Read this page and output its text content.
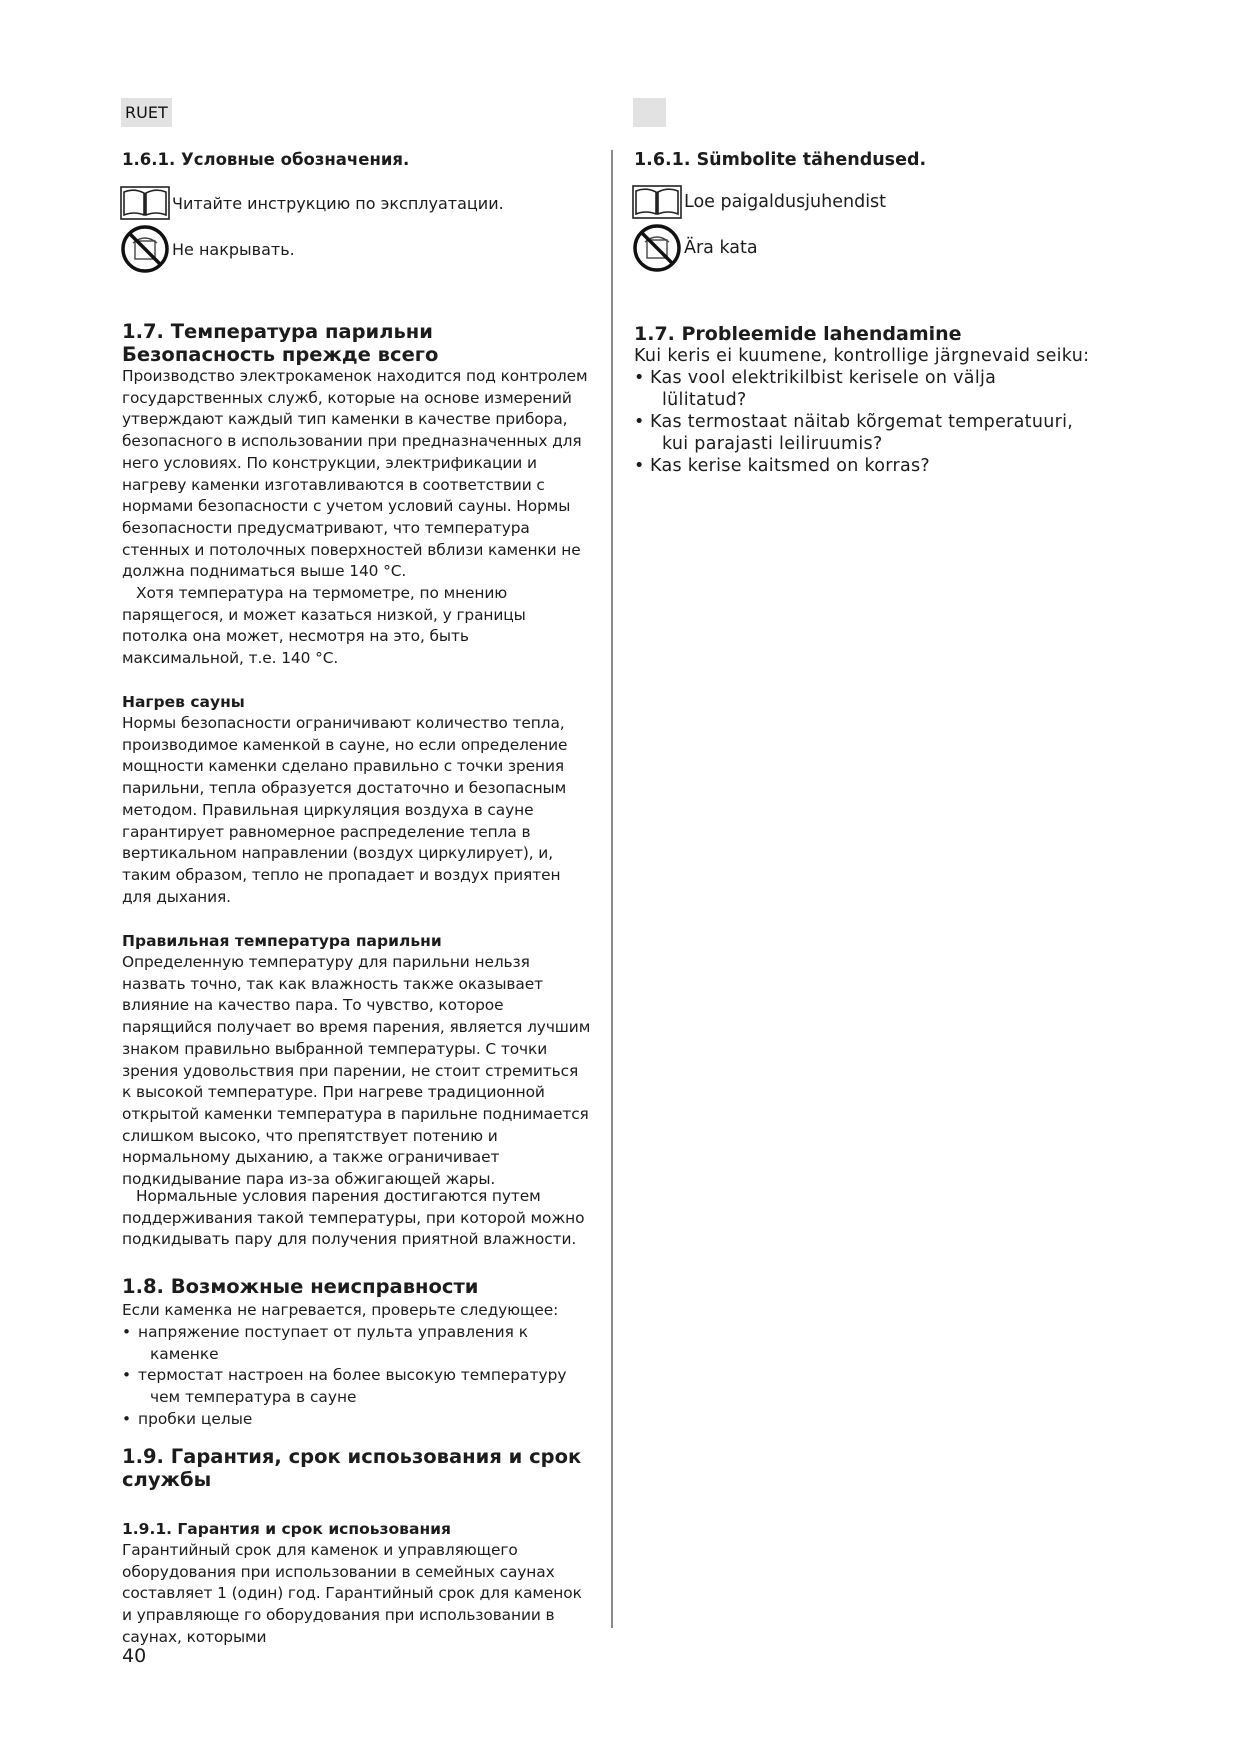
RUET
1.6.1. Условные обозначения.
Читайте инструкцию по эксплуатации.
Не накрывать.
1.7. Температура парильни Безопасность прежде всего

Производство электрокаменок находится под контролем государственных служб, которые на основе измерений утверждают каждый тип каменки в качестве прибора, безопасного в использовании при предназначенных для него условиях. По конструкции, электрификации и нагреву каменки изготавливаются в соответствии с нормами безопасности с учетом условий сауны. Нормы безопасности предусматривают, что температура стенных и потолочных поверхностей вблизи каменки не должна подниматься выше 140 °C.

Хотя температура на термометре, по мнению парящегося, и может казаться низкой, у границы потолка она может, несмотря на это, быть максимальной, т.е. 140 °C.

Нагрев сауны

Нормы безопасности ограничивают количество тепла, производимое каменкой в сауне, но если определение мощности каменки сделано правильно с точки зрения парильни, тепла образуется достаточно и безопасным методом. Правильная циркуляция воздуха в сауне гарантирует равномерное распределение тепла в вертикальном направлении (воздух циркулирует), и, таким образом, тепло не пропадает и воздух приятен для дыхания.

Правильная температура парильни

Определенную температуру для парильни нельзя назвать точно, так как влажность также оказывает влияние на качество пара. То чувство, которое парящийся получает во время парения, является лучшим знаком правильно выбранной температуры. С точки зрения удовольствия при парении, не стоит стремиться к высокой температуре. При нагреве традиционной открытой каменки температура в парильне поднимается слишком высоко, что препятствует потению и нормальному дыханию, а также ограничивает подкидывание пара из-за обжигающей жары.

Нормальные условия парения достигаются путем поддерживания такой температуры, при которой можно подкидывать пару для получения приятной влажности.

1.8. Возможные неисправности

Если каменка не нагревается, проверьте следующее:

• напряжение поступает от пульта управления к каменке
• термостат настроен на более высокую температуру чем температура в сауне
• пробки целые
1.9. Гарантия, срок испоьзования и срок службы
1.9.1. Гарантия и срок испоьзования

Гарантийный срок для каменок и управляющего оборудования при использовании в семейных саунах составляет 1 (один) год. Гарантийный срок для каменок и управляюще го оборудования при использовании в саунах, которыми

1.6.1. Sümbolite tähendused.
Loe paigaldusjuhendist
Ära kata
1.7. Probleemide lahendamine

Kui keris ei kuumene, kontrollige järgnevaid seiku:

• Kas vool elektrikilbist kerisele on välja lülitatud?
• Kas termostaat näitab kõrgemat temperatuuri, kui parajasti leiliruumis?
• Kas kerise kaitsmed on korras?
40
